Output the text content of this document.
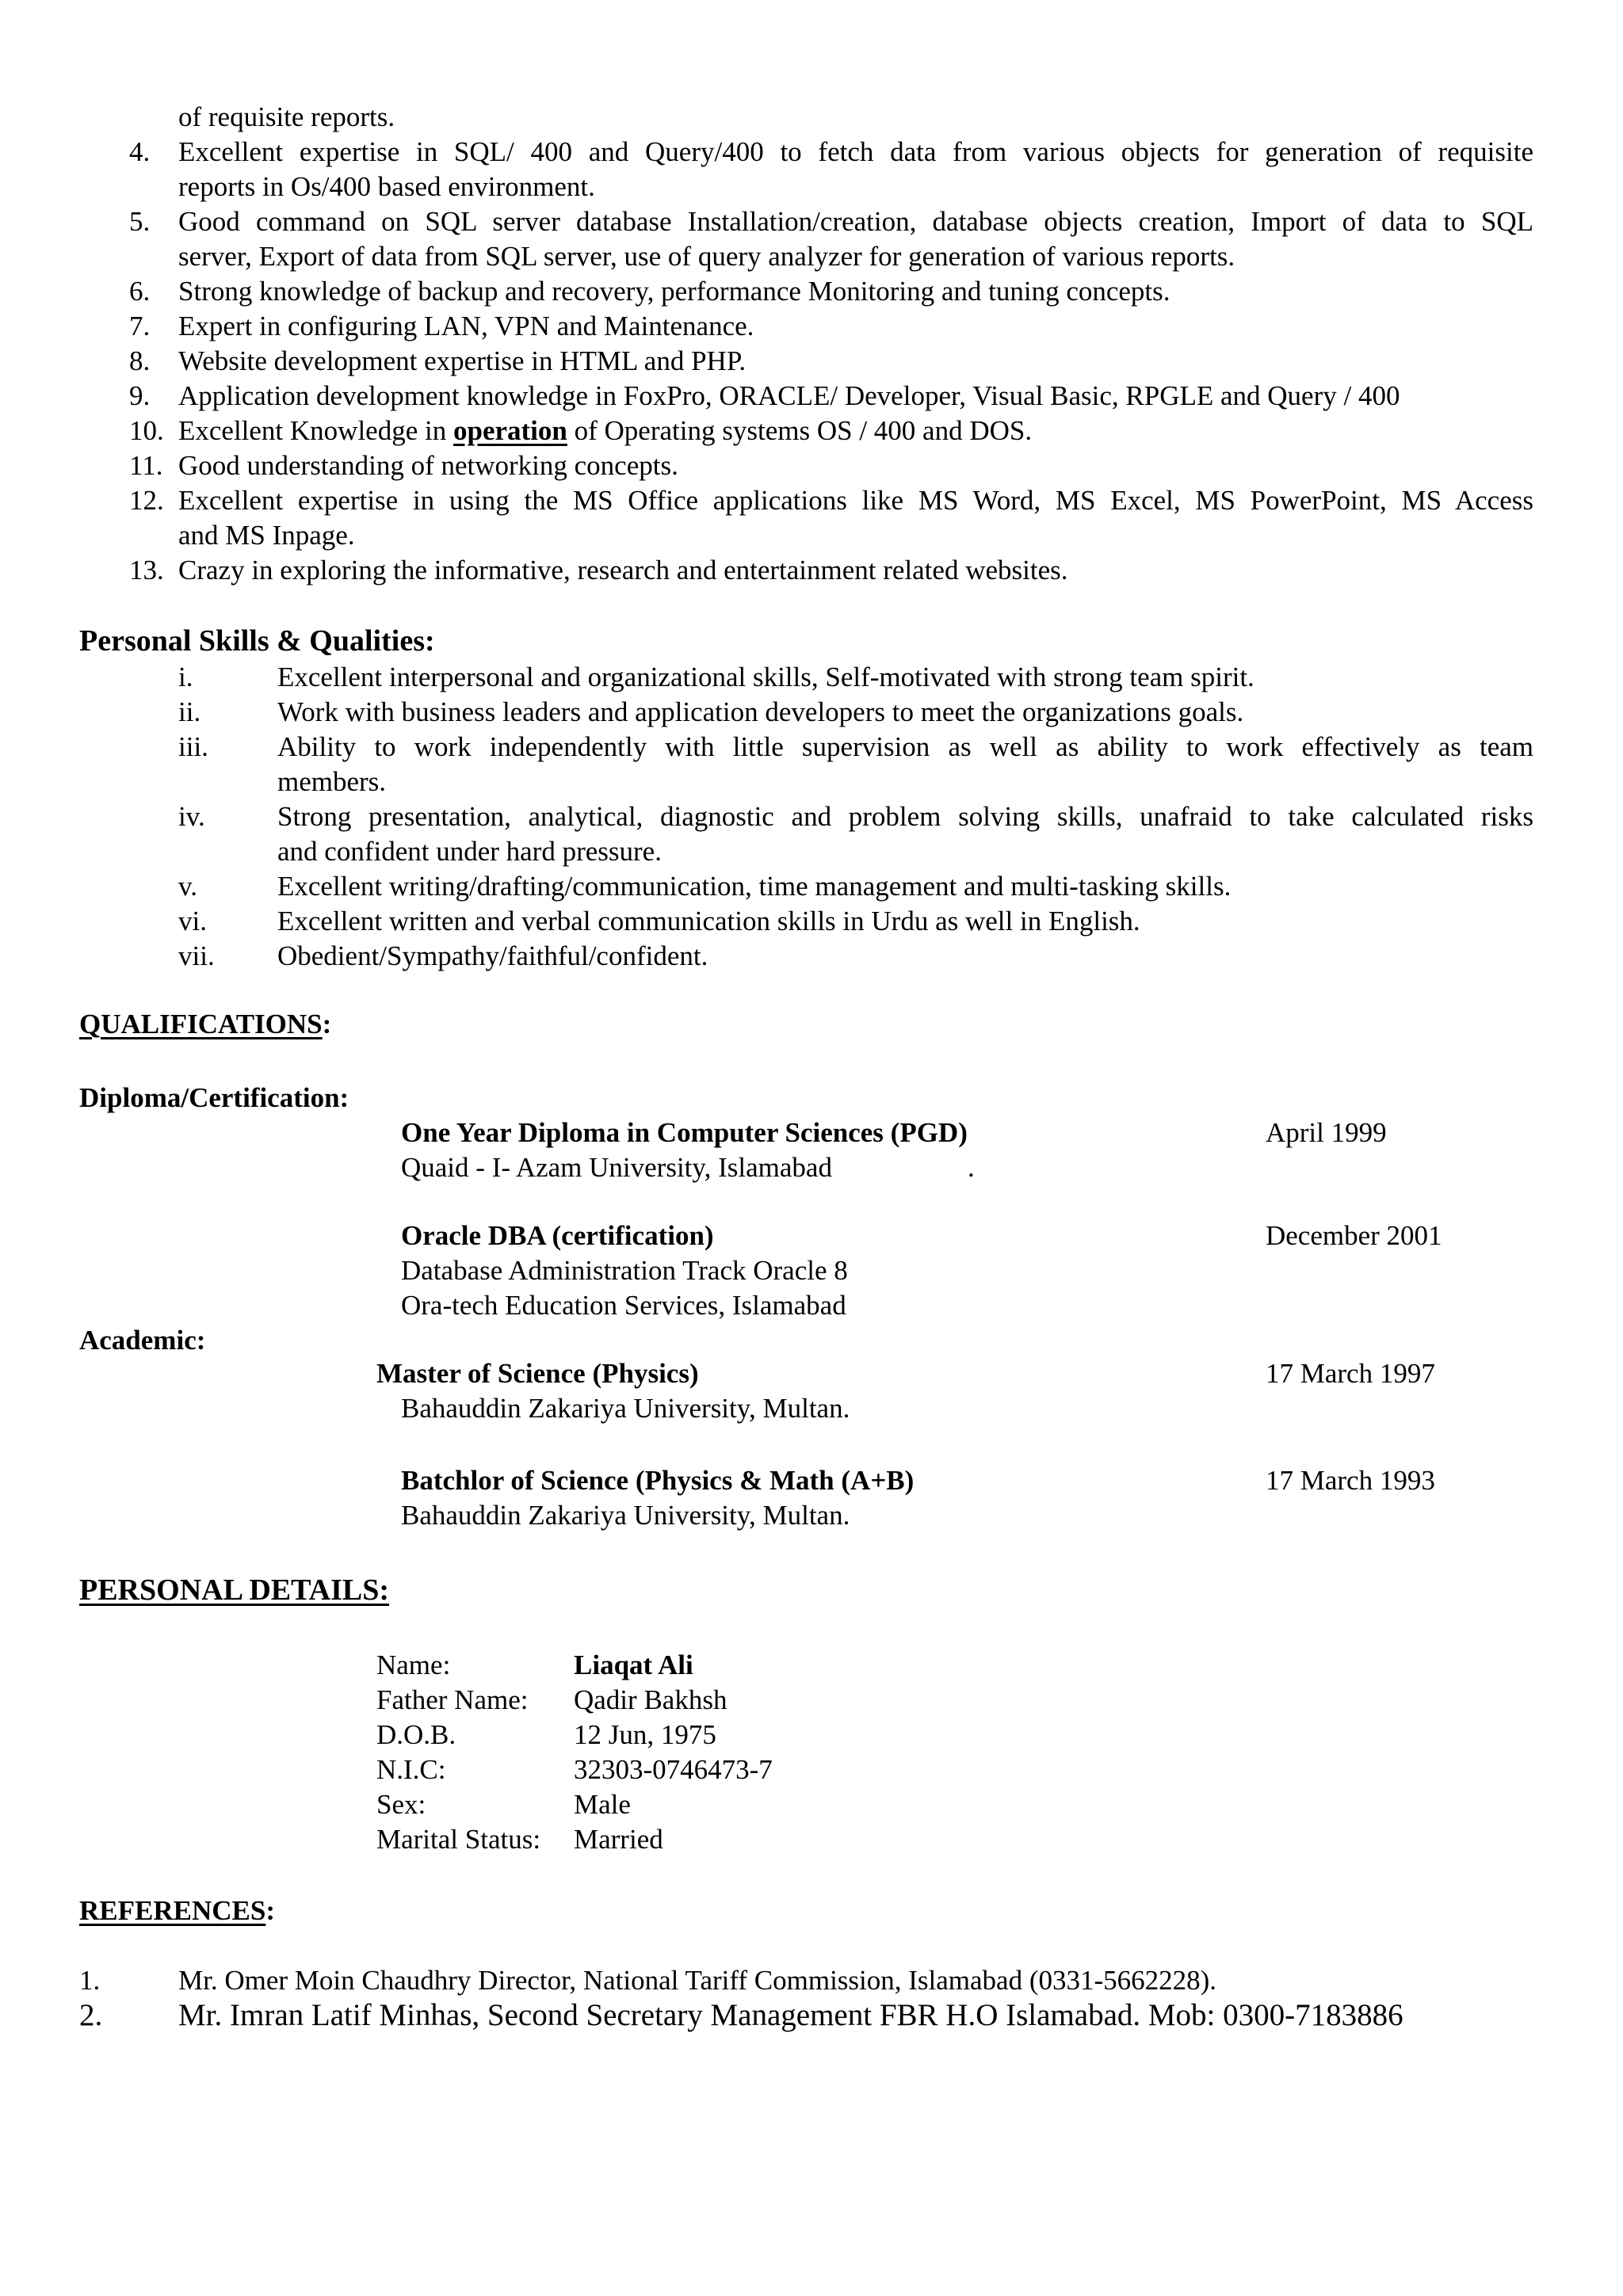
of requisite reports.
4. Excellent expertise in SQL/ 400 and Query/400 to fetch data from various objects for generation of requisite
reports in Os/400 based environment.
5. Good command on SQL server database Installation/creation, database objects creation, Import of data to SQL
server, Export of data from SQL server, use of query analyzer for generation of various reports.
6. Strong knowledge of backup and recovery, performance Monitoring and tuning concepts.
7. Expert in configuring LAN, VPN and Maintenance.
8. Website development expertise in HTML and PHP.
9. Application development knowledge in FoxPro, ORACLE/ Developer, Visual Basic, RPGLE and Query / 400
10. Excellent Knowledge in operation of Operating systems OS / 400 and DOS.
11. Good understanding of networking concepts.
12. Excellent expertise in using the MS Office applications like MS Word, MS Excel, MS PowerPoint, MS Access
and MS Inpage.
13. Crazy in exploring the informative, research and entertainment related websites.
Personal Skills & Qualities:
i.	Excellent interpersonal and organizational skills, Self-motivated with strong team spirit.
ii.	Work with business leaders and application developers to meet the organizations goals.
iii. Ability to work independently with little supervision as well as ability to work effectively as team
members.
iv.	Strong presentation, analytical, diagnostic and problem solving skills, unafraid to take calculated risks
and confident under hard pressure.
v.	Excellent writing/drafting/communication, time management and multi-tasking skills.
vi.	Excellent written and verbal communication skills in Urdu as well in English.
vii. Obedient/Sympathy/faithful/confident.
QUALIFICATIONS:
Diploma/Certification:
One Year Diploma in Computer Sciences (PGD)	April 1999
Quaid - I- Azam University, Islamabad	.
Oracle DBA (certification)	December 2001
Database Administration Track Oracle 8
Ora-tech Education Services, Islamabad
Academic:
Master of Science (Physics)	17 March 1997
Bahauddin Zakariya University, Multan.
Batchlor of Science (Physics & Math (A+B)	17 March 1993
Bahauddin Zakariya University, Multan.
PERSONAL DETAILS:
Name:	Liaqat Ali
Father Name: Qadir Bakhsh
D.O.B.	12 Jun, 1975
N.I.C:	32303-0746473-7
Sex:	Male
Marital Status: Married
REFERENCES:
1.	Mr. Omer Moin Chaudhry Director, National Tariff Commission, Islamabad (0331-5662228).
2. Mr. Imran Latif Minhas, Second Secretary Management FBR H.O Islamabad. Mob: 0300-7183886
